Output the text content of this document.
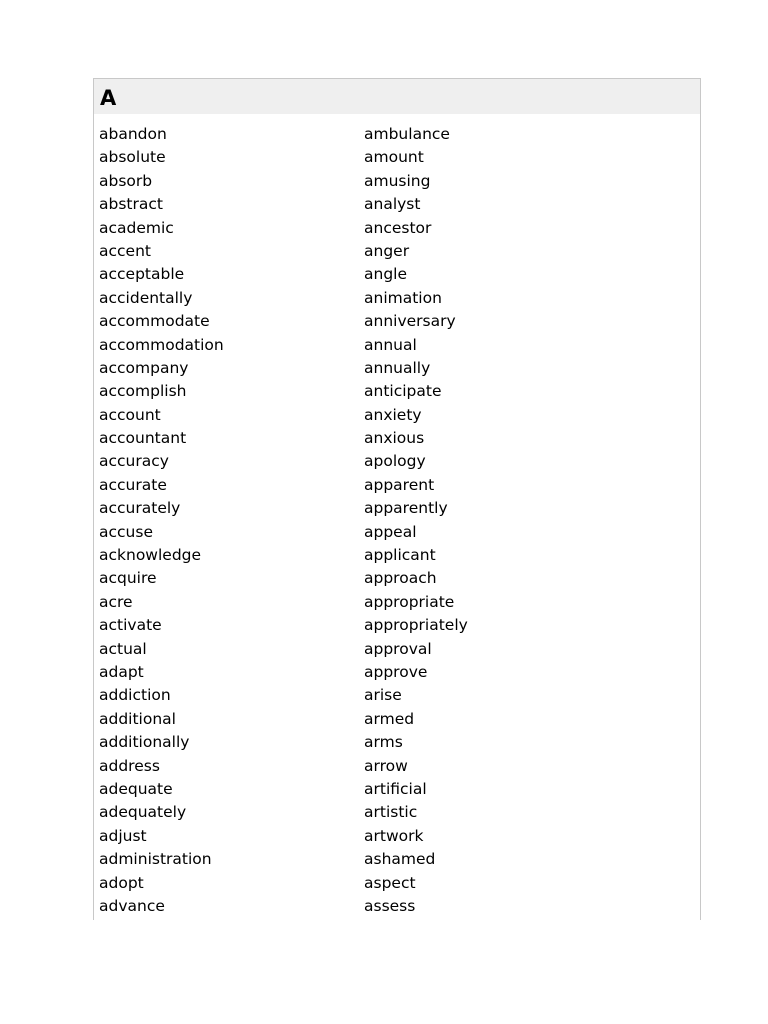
A
abandon
absolute
absorb
abstract
academic
accent
acceptable
accidentally
accommodate
accommodation
accompany
accomplish
account
accountant
accuracy
accurate
accurately
accuse
acknowledge
acquire
acre
activate
actual
adapt
addiction
additional
additionally
address
adequate
adequately
adjust
administration
adopt
advance
ambulance
amount
amusing
analyst
ancestor
anger
angle
animation
anniversary
annual
annually
anticipate
anxiety
anxious
apology
apparent
apparently
appeal
applicant
approach
appropriate
appropriately
approval
approve
arise
armed
arms
arrow
artificial
artistic
artwork
ashamed
aspect
assess
